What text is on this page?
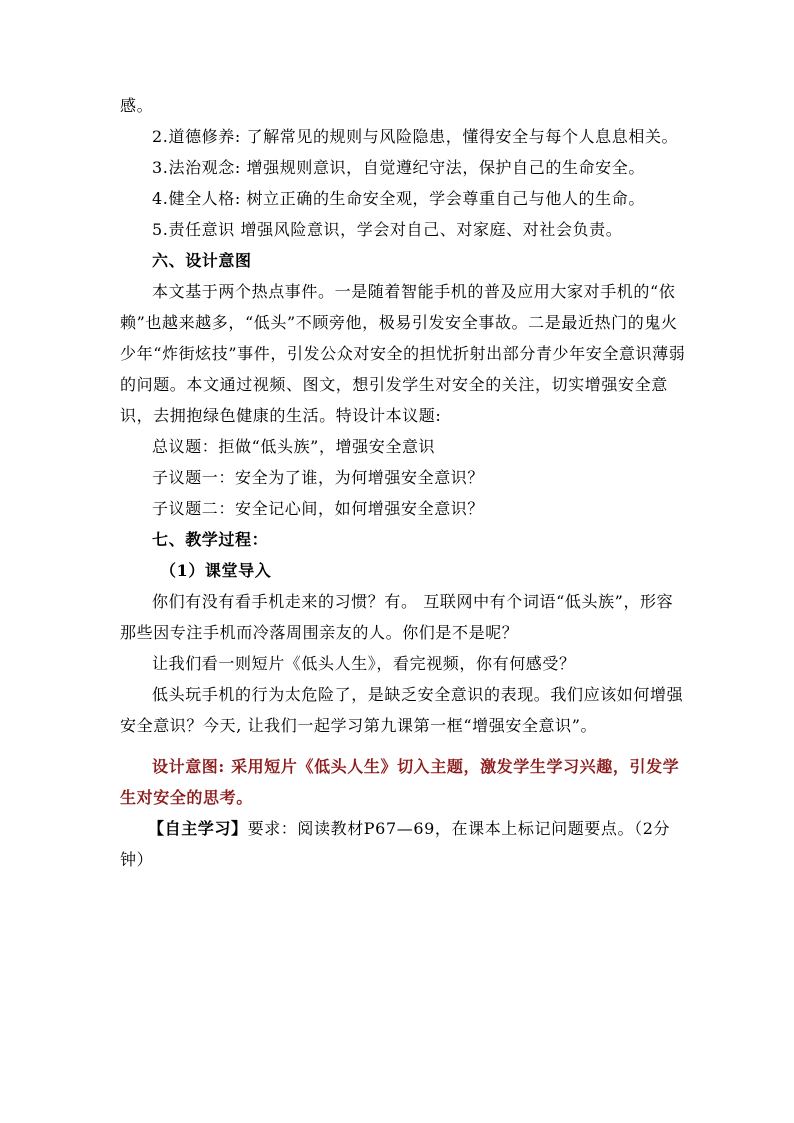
感。

2.道德修养: 了解常见的规则与风险隐患，懂得安全与每个人息息相关。

3.法治观念: 增强规则意识，自觉遵纪守法，保护自己的生命安全。

4.健全人格: 树立正确的生命安全观，学会尊重自己与他人的生命。

5.责任意识 增强风险意识，学会对自己、对家庭、对社会负责。

六、设计意图

本文基于两个热点事件。一是随着智能手机的普及应用大家对手机的“依赖”也越来越多，“低头”不顾旁他，极易引发安全事故。二是最近热门的鬼火少年“炸街炫技”事件，引发公众对安全的担忧折射出部分青少年安全意识薄弱的问题。本文通过视频、图文，想引发学生对安全的关注，切实增强安全意识，去拥抱绿色健康的生活。特设计本议题:

总议题：拒做“低头族”，增强安全意识

子议题一：安全为了谁，为何增强安全意识？

子议题二：安全记心间，如何增强安全意识？

七、教学过程：

（1）课堂导入

你们有没有看手机走来的习惯？有。 互联网中有个词语“低头族”，形容那些因专注手机而冷落周围亲友的人。你们是不是呢？

让我们看一则短片《低头人生》，看完视频，你有何感受？

低头玩手机的行为太危险了，是缺乏安全意识的表现。我们应该如何增强安全意识？今天, 让我们一起学习第九课第一框“增强安全意识”。

设计意图: 采用短片《低头人生》切入主题，激发学生学习兴趣，引发学生对安全的思考。

【自主学习】要求：阅读教材P67—69，在课本上标记问题要点。（2分钟）
